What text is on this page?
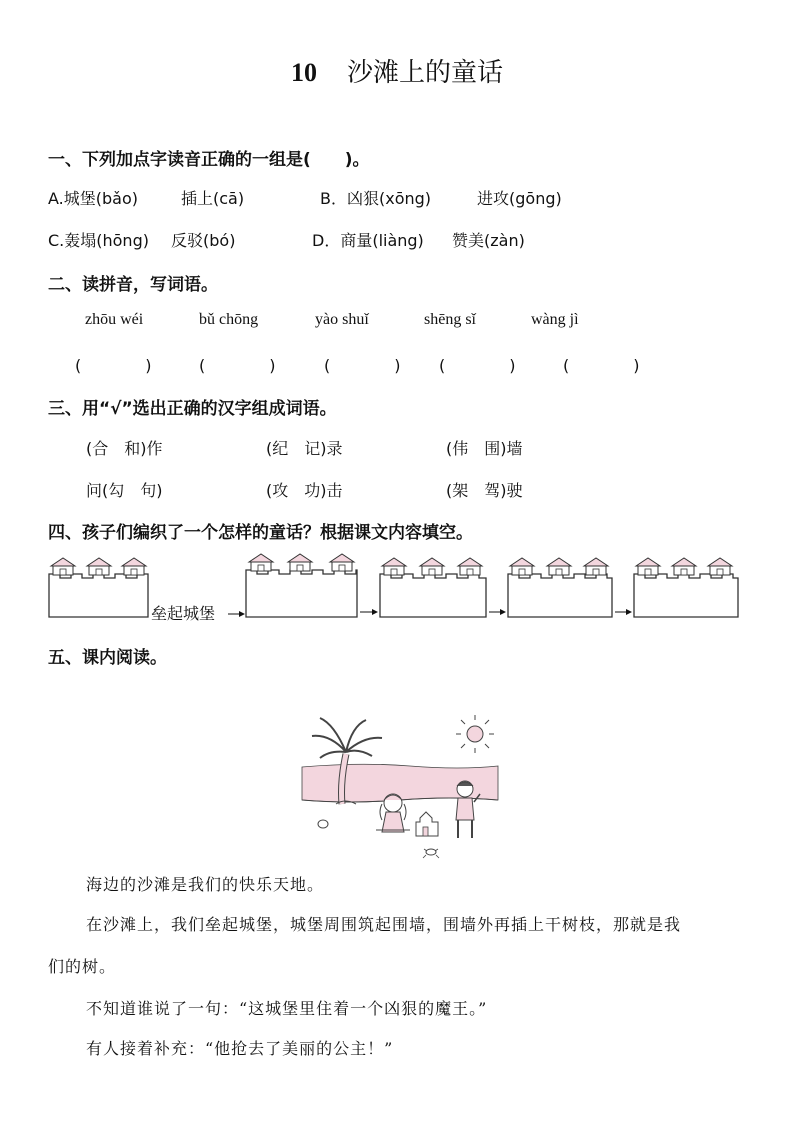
10 沙滩上的童话
一、下列加点字读音正确的一组是(　　)。
A.城堡(bǎo)	插上(cā)	B．凶狠(xōng)	进攻(gōng)
C.轰塌(hōng) 反驳(bó)	D．商量(liàng) 赞美(zàn)
二、读拼音，写词语。
zhōu wéi	bǔ chōng	yào shuǐ	shēng sǐ	wàng jì
(　　　　)	(　　　　)	(　　　　) (　　　　)	(　　　　)
三、用“√”选出正确的汉字组成词语。
(合　和)作	(纪　记)录	(伟　围)墙
问(勾　句)	(攻　功)击	(架　驾)驶
四、孩子们编织了一个怎样的童话？根据课文内容填空。
垒起城堡
五、课内阅读。
海边的沙滩是我们的快乐天地。
在沙滩上，我们垒起城堡，城堡周围筑起围墙，围墙外再插上干树枝，那就是我
们的树。
不知道谁说了一句：“这城堡里住着一个凶狠的魔王。”
有人接着补充：“他抢去了美丽的公主！”
